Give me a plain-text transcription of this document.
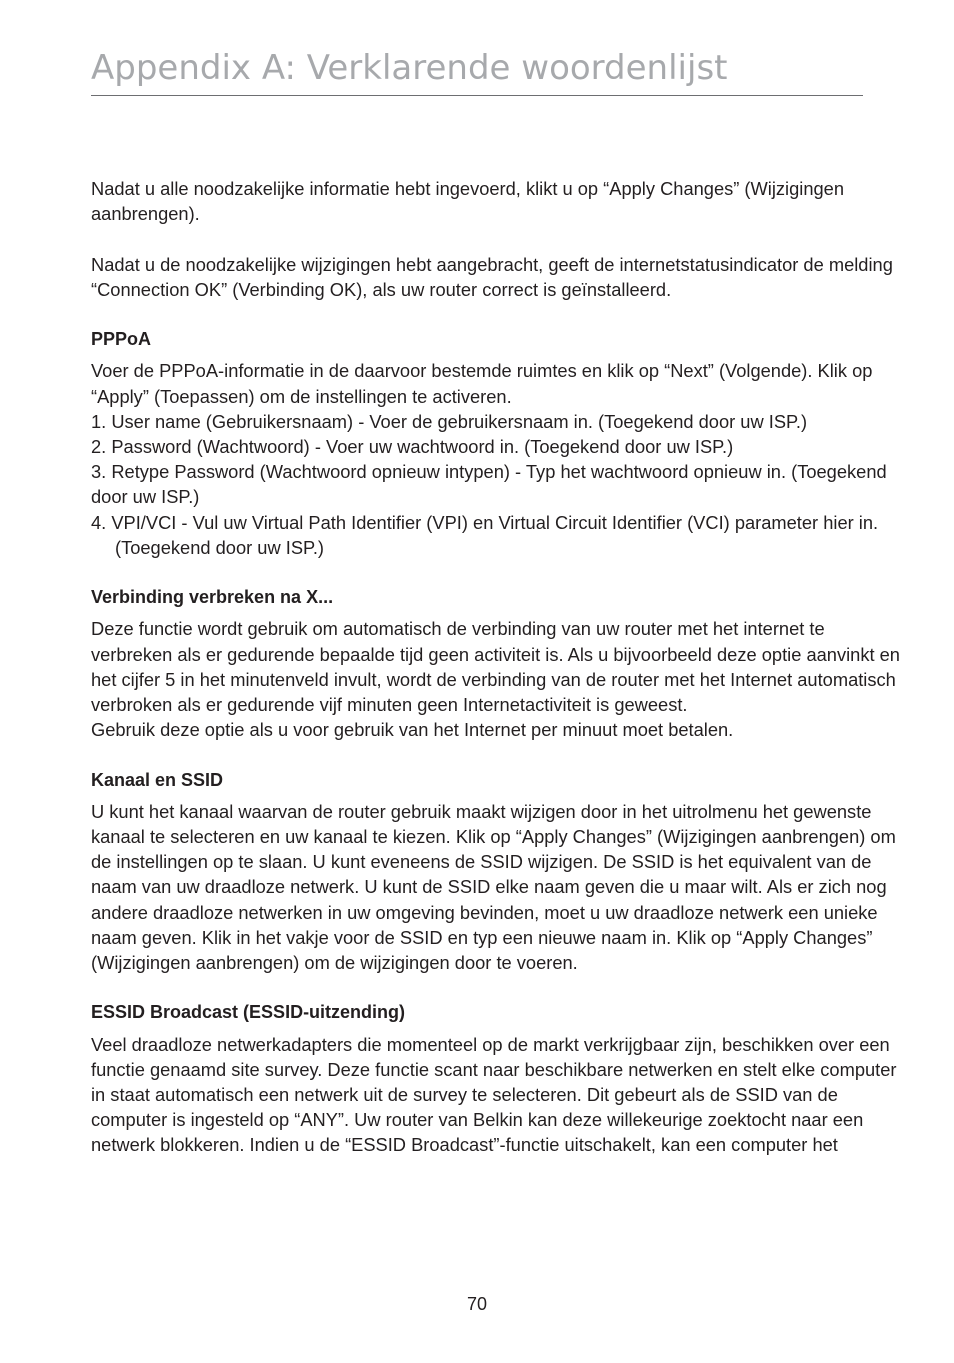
Appendix A: Verklarende woordenlijst

Nadat u alle noodzakelijke informatie hebt ingevoerd, klikt u op “Apply Changes” (Wijzigingen aanbrengen).

Nadat u de noodzakelijke wijzigingen hebt aangebracht, geeft de internetstatusindicator de melding “Connection OK” (Verbinding OK), als uw router correct is geïnstalleerd.

PPPoA

Voer de PPPoA-informatie in de daarvoor bestemde ruimtes en klik op “Next” (Volgende). Klik op “Apply” (Toepassen) om de instellingen te activeren.

1. User name (Gebruikersnaam) - Voer de gebruikersnaam in. (Toegekend door uw ISP.)

2. Password (Wachtwoord) - Voer uw wachtwoord in. (Toegekend door uw ISP.)

3. Retype Password (Wachtwoord opnieuw intypen) - Typ het wachtwoord opnieuw in. (Toegekend door uw ISP.)

4. VPI/VCI - Vul uw Virtual Path Identifier (VPI) en Virtual Circuit Identifier (VCI) parameter hier in. (Toegekend door uw ISP.)

Verbinding verbreken na X...

Deze functie wordt gebruik om automatisch de verbinding van uw router met het internet te verbreken als er gedurende bepaalde tijd geen activiteit is. Als u bijvoorbeeld deze optie aanvinkt en het cijfer 5 in het minutenveld invult, wordt de verbinding van de router met het Internet automatisch verbroken als er gedurende vijf minuten geen Internetactiviteit is geweest.

Gebruik deze optie als u voor gebruik van het Internet per minuut moet betalen.

Kanaal en SSID

U kunt het kanaal waarvan de router gebruik maakt wijzigen door in het uitrolmenu het gewenste kanaal te selecteren en uw kanaal te kiezen. Klik op “Apply Changes” (Wijzigingen aanbrengen) om de instellingen op te slaan. U kunt eveneens de SSID wijzigen. De SSID is het equivalent van de naam van uw draadloze netwerk. U kunt de SSID elke naam geven die u maar wilt. Als er zich nog andere draadloze netwerken in uw omgeving bevinden, moet u uw draadloze netwerk een unieke naam geven. Klik in het vakje voor de SSID en typ een nieuwe naam in. Klik op “Apply Changes” (Wijzigingen aanbrengen) om de wijzigingen door te voeren.

ESSID Broadcast (ESSID-uitzending)

Veel draadloze netwerkadapters die momenteel op de markt verkrijgbaar zijn, beschikken over een functie genaamd site survey. Deze functie scant naar beschikbare netwerken en stelt elke computer in staat automatisch een netwerk uit de survey te selecteren. Dit gebeurt als de SSID van de computer is ingesteld op “ANY”. Uw router van Belkin kan deze willekeurige zoektocht naar een netwerk blokkeren. Indien u de “ESSID Broadcast”-functie uitschakelt, kan een computer het

70
